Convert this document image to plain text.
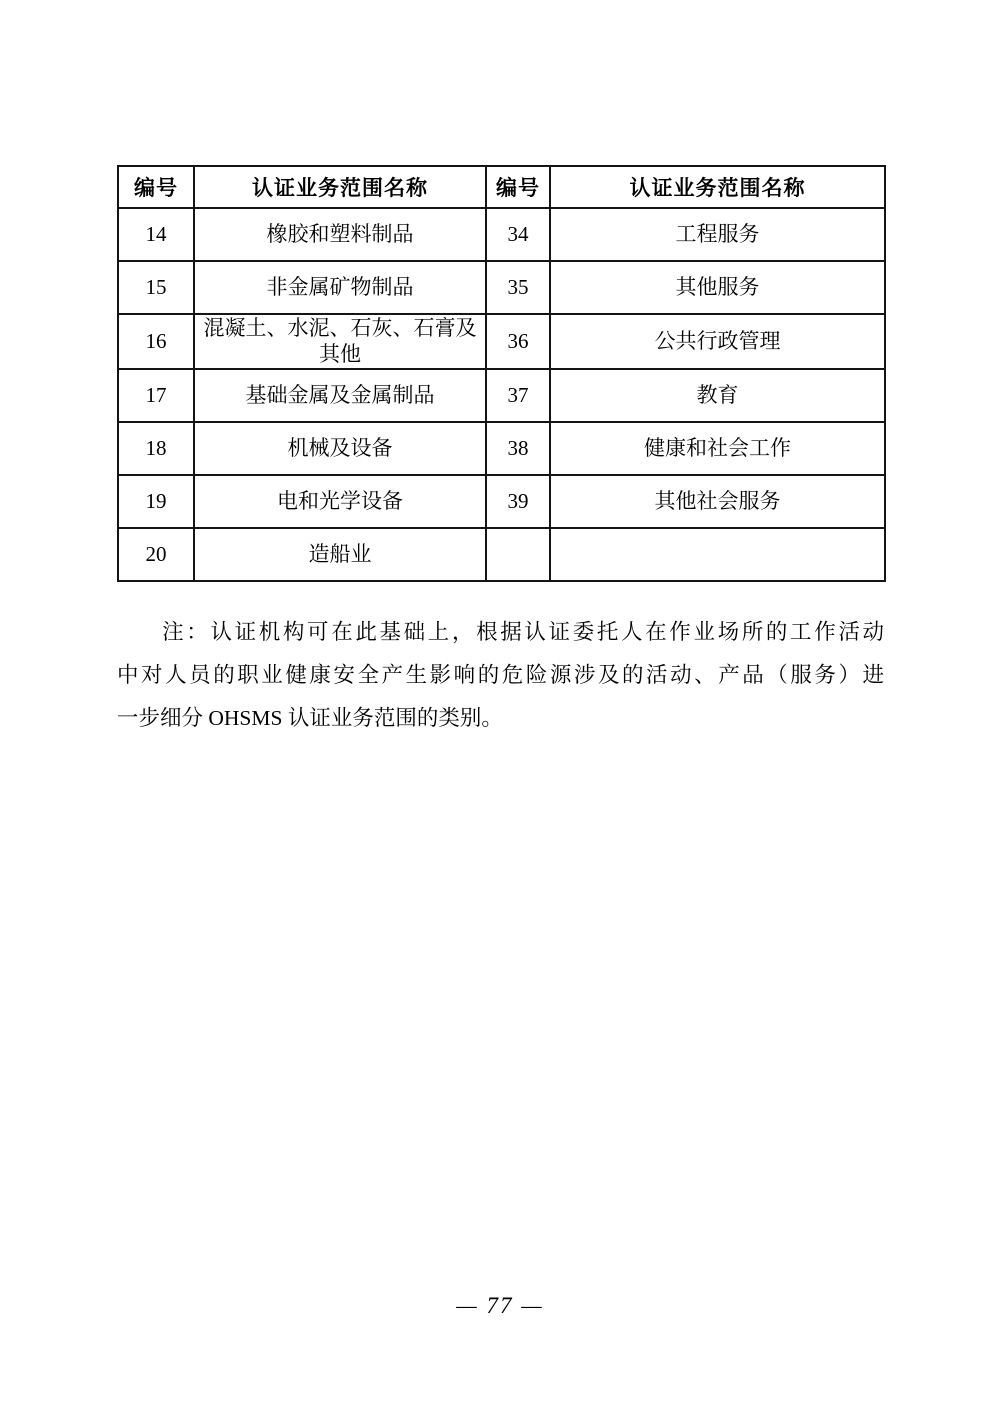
编号	认证业务范围名称	编号	认证业务范围名称
14	橡胶和塑料制品	34	工程服务
15	非金属矿物制品	35	其他服务
16	混凝土、水泥、石灰、石膏及其他	36	公共行政管理
17	基础金属及金属制品	37	教育
18	机械及设备	38	健康和社会工作
19	电和光学设备	39	其他社会服务
20	造船业		
注：认证机构可在此基础上，根据认证委托人在作业场所的工作活动
中对人员的职业健康安全产生影响的危险源涉及的活动、产品（服务）进
一步细分 OHSMS 认证业务范围的类别。
— 77 —
